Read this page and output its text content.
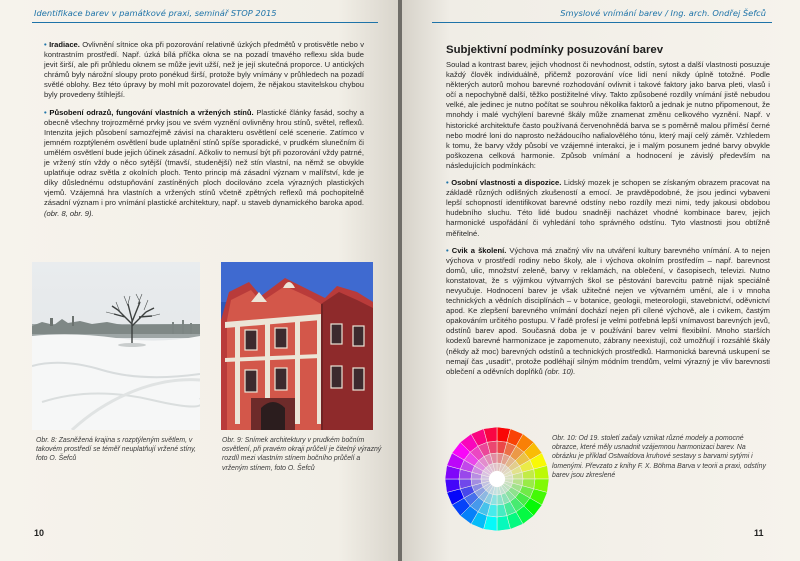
Identifikace barev v památkové praxi, seminář STOP 2015

• Iradiace. Ovlivnění sítnice oka při pozorování relativně úzkých předmětů v protisvětle nebo v kontrastním prostředí. Např. úzká bílá příčka okna se na pozadí tmavého reflexu skla bude jevit širší, ale při průhledu oknem se může jevit užší, než je její skutečná proporce. U antických chrámů byly nárožní sloupy proto ponékud širší, protože byly vnímány v průhledech na pozadí světlé oblohy. Bez této úpravy by mohl mít pozorovatel dojem, že nějakou stavitelskou chybou byly provedeny štíhlejší.

• Působení odrazů, fungování vlastních a vržených stínů. Plastické články fasád, sochy a obecně všechny trojrozměrné prvky jsou ve svém vyznění ovlivněny hrou stínů, světel, reflexů. Intenzita jejich působení samozřejmě závisí na charakteru osvětlení celé scenerie. Zatímco v jemném rozptýleném osvětlení bude uplatnění stínů spíše sporadické, v prudkém slunečním či umělém osvětlení bude jejich účinek zásadní. Ačkoliv to nemusí být při pozorování vždy patrné, je vržený stín vždy o něco sytější (tmavší, studenější) než stín vlastní, na němž se obvykle uplatňuje odraz světla z okolních ploch. Tento princip má zásadní význam v malířství, kde je díky důslednému odstupňování zastíněných ploch docilováno zcela výrazných plastických vjemů. Vzájemná hra vlastních a vržených stínů včetně zpětných reflexů má pochopitelně zásadní význam i pro vnímání plastické architektury, např. u staveb dynamického baroka apod. (obr. 8, obr. 9).

Obr. 8: Zasněžená krajina s rozptýleným světlem, v takovém prostředí se téměř neuplatňují vržené stíny, foto O. Šefců
Obr. 9: Snímek architektury v prudkém bočním osvětlení, při pravém okraji průčelí je čitelný výrazný rozdíl mezi vlastním stínem bočního průčelí a vrženým stínem, foto O. Šefců
10
Smyslové vnímání barev / Ing. arch. Ondřej Šefců
Subjektivní podmínky posuzování barev

Soulad a kontrast barev, jejich vhodnost či nevhodnost, odstín, sytost a další vlastnosti posuzuje každý člověk individuálně, přičemž pozorování více lidí není nikdy úplně totožné. Podle některých autorů mohou barevné rozhodování ovlivnit i takové faktory jako barva pleti, vlasů i očí a nepochybně další, těžko postižitelné vlivy. Takto způsobené rozdíly vnímání jistě nebudou velké, ale jedinec je nutno počítat se souhrou několika faktorů a jednak je nutno připomenout, že mnohdy i malé vychýlení barevné škály může znamenat změnu celkového vyznění. Např. v historické architektuře často používaná červenohnědá barva se s poměrně malou příměsí černé nebo modré loni do naprosto nežádoucího nafialovělého tónu, který mají celý záměr. Vzhledem k tomu, že barvy vždy působí ve vzájemné interakci, je i malým posunem jedné barvy obvykle poškozena celková harmonie. Způsob vnímání a hodnocení je závislý především na následujících podmínkách:

• Osobní vlastnosti a dispozice. Lidský mozek je schopen se získaným obrazem pracovat na základě různých odlišných zkušeností a emocí. Je pravděpodobné, že jsou jedinci vybaveni lepší schopností identifikovat barevné odstíny nebo rozdíly mezi nimi, tedy jakousi obdobou hudebního sluchu. Této lidé budou snadněji nacházet vhodné kombinace barev, jejich harmonické uspořádání či vyhledání toho správného odstínu. Tyto vlastnosti jsou obtížně měřitelné.

• Cvik a školení. Výchova má značný vliv na utváření kultury barevného vnímání. A to nejen výchova v prostředí rodiny nebo školy, ale i výchova okolním prostředím – např. barevnost domů, ulic, množství zeleně, barvy v reklamách, na oblečení, v časopisech, televizi. Nutno konstatovat, že s výjimkou výtvarných škol se pěstování barevcitu patrně nijak speciálně nevyučuje. Hodnocení barev je však užitečné nejen ve výtvarném umění, ale i v mnoha technických a vědních disciplínách – v botanice, geologii, meteorologii, stavebnictví, oděvnictví apod. Ke zlepšení barevného vnímání dochází nejen při cílené výchově, ale i cvikem, častým opakováním určitého postupu. V řadě profesí je velmi potřebná lepší vnímavost barevných jevů, odstínů barev apod. Současná doba je v používání barev velmi flexibilní. Mnoho starších kodexů barevné harmonizace je zapomenuto, zábrany neexistují, což umožňují i rozsáhlé škály (někdy až moc) barevných odstínů a technických prostředků. Harmonická barevná uskupení se nemají čas „usadit“, protože podléhají silným módním trendům, velmi výrazný je vliv barevnosti oblečení a oděvních doplňků (obr. 10).

Obr. 10: Od 19. století začaly vznikat různé modely a pomocné obrazce, které měly usnadnit vzájemnou harmonizaci barev. Na obrázku je příklad Ostwaldova kruhové sestavy s barvami sytými i lomenými. Převzato z knihy F. X. Böhma Barva v teorii a praxi, odstíny barev jsou zkreslené
11
